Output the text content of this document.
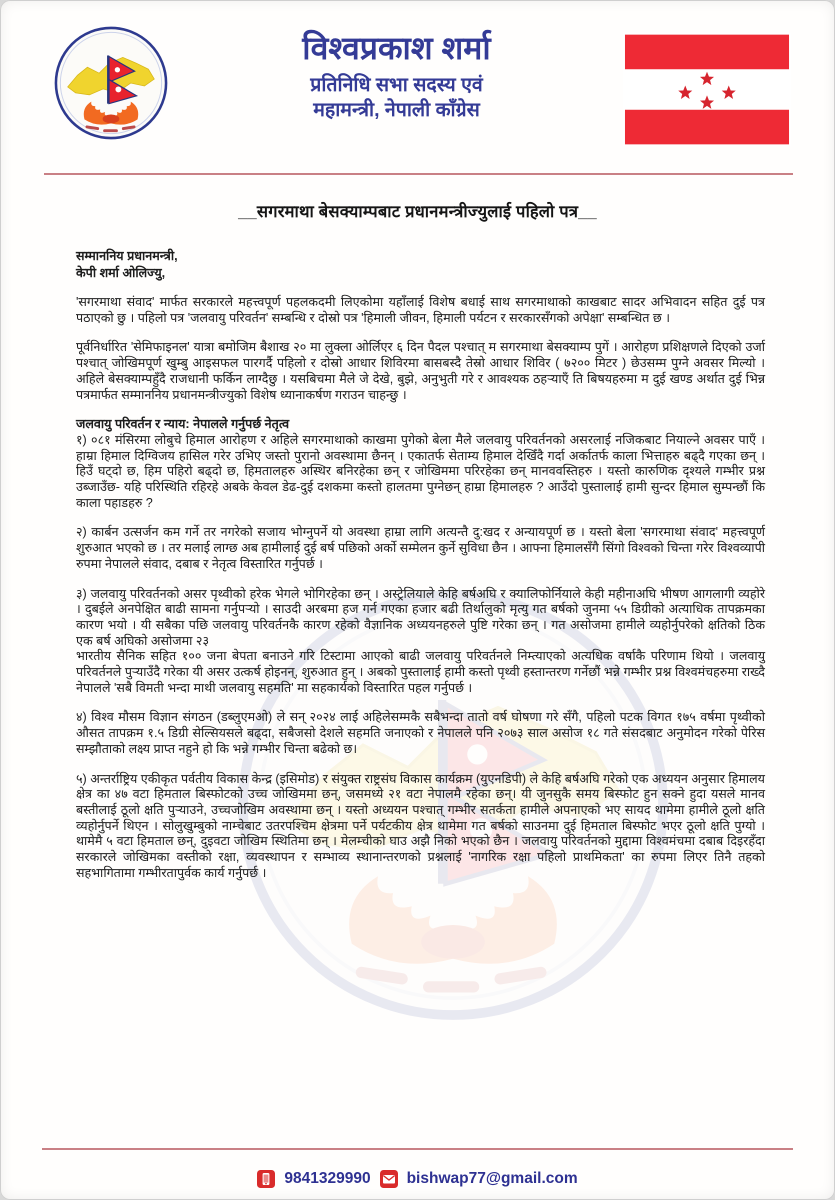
विश्वप्रकाश शर्मा
प्रतिनिधि सभा सदस्य एवं
महामन्त्री, नेपाली काँग्रेस
__सगरमाथा बेसक्याम्पबाट प्रधानमन्त्रीज्युलाई पहिलो पत्र__
सम्माननिय प्रधानमन्त्री,
केपी शर्मा ओलिज्यु,
'सगरमाथा संवाद' मार्फत सरकारले महत्त्वपूर्ण पहलकदमी लिएकोमा यहाँलाई विशेष बधाई साथ सगरमाथाको काखबाट सादर अभिवादन सहित दुई पत्र पठाएको छु । पहिलो पत्र 'जलवायु परिवर्तन' सम्बन्धि र दोस्रो पत्र 'हिमाली जीवन, हिमाली पर्यटन र सरकारसँगको अपेक्षा' सम्बन्धित छ ।
पूर्वनिर्धारित 'सेमिफाइनल' यात्रा बमोजिम बैशाख २० मा लुक्ला ओर्लिएर ६ दिन पैदल पश्चात् म सगरमाथा बेसक्याम्प पुगें । आरोहण प्रशिक्षणले दिएको उर्जा पश्चात् जोखिमपूर्ण खुम्बु आइसफल पारगर्दै पहिलो र दोस्रो आधार शिविरमा बासबस्दै तेस्रो आधार शिविर ( ७२०० मिटर ) छेउसम्म पुग्ने अवसर मिल्यो । अहिले बेसक्याम्पहुँदै राजधानी फर्किन लाग्दैछु । यसबिचमा मैले जे देखे, बुझे, अनुभुती गरे र आवश्यक ठहऱ्याएँ ति बिषयहरुमा म दुई खण्ड अर्थात दुई भिन्न पत्रमार्फत सम्माननिय प्रधानमन्त्रीज्युको विशेष ध्यानाकर्षण गराउन चाहन्छु ।
जलवायु परिवर्तन र न्याय: नेपालले गर्नुपर्छ नेतृत्व
१) ०८१ मंसिरमा लोबुचे हिमाल आरोहण र अहिले सगरमाथाको काखमा पुगेको बेला मैले जलवायु परिवर्तनको असरलाई नजिकबाट नियाल्ने अवसर पाएँ । हाम्रा हिमाल दिग्विजय हासिल गरेर उभिए जस्तो पुरानो अवस्थामा छैनन् । एकातर्फ सेताम्य हिमाल देखिँदै गर्दा अर्कातर्फ काला भित्ताहरु बढ्दै गएका छन् । हिउँ घट्दो छ, हिम पहिरो बढ्दो छ, हिमतालहरु अस्थिर बनिरहेका छन् र जोखिममा परिरहेका छन् मानववस्तिहरु । यस्तो कारुणिक दृश्यले गम्भीर प्रश्न उब्जाउँछ- यहि परिस्थिति रहिरहे अबके केवल डेढ-दुई दशकमा कस्तो हालतमा पुग्नेछन् हाम्रा हिमालहरु ? आउँदो पुस्तालाई हामी सुन्दर हिमाल सुम्पन्छौं कि काला पहाडहरु ?
२) कार्बन उत्सर्जन कम गर्ने तर नगरेको सजाय भोग्नुपर्ने यो अवस्था हाम्रा लागि अत्यन्तै दु:खद र अन्यायपूर्ण छ । यस्तो बेला 'सगरमाथा संवाद' महत्त्वपूर्ण शुरुआत भएको छ । तर मलाई लाग्छ अब हामीलाई दुई बर्ष पछिको अर्को सम्मेलन कुर्ने सुविधा छैन । आफ्ना हिमालसँगै सिंगो विश्वको चिन्ता गरेर विश्वव्यापी रुपमा नेपालले संवाद, दबाब र नेतृत्व विस्तारित गर्नुपर्छ ।
३) जलवायु परिवर्तनको असर पृथ्वीको हरेक भेगले भोगिरहेका छन् । अस्ट्रेलियाले केहि बर्षअघि र क्यालिफोर्नियाले केही महीनाअघि भीषण आगलागी व्यहोरे । दुबईले अनपेक्षित बाढी सामना गर्नुपऱ्यो । साउदी अरबमा हज गर्न गएका हजार बढी तिर्थालुको मृत्यु गत बर्षको जुनमा ५५ डिग्रीको अत्याधिक तापक्रमका कारण भयो । यी सबैका पछि जलवायु परिवर्तनकै कारण रहेको वैज्ञानिक अध्ययनहरुले पुष्टि गरेका छन् । गत असोजमा हामीले व्यहोर्नुपरेको क्षतिको ठिक एक बर्ष अघिको असोजमा २३
भारतीय सैनिक सहित १०० जना बेपता बनाउने गरि टिस्टामा आएको बाढी जलवायु परिवर्तनले निम्त्याएको अत्यधिक वर्षाकै परिणाम थियो । जलवायु परिवर्तनले पुऱ्याउँदै गरेका यी असर उत्कर्ष होइनन्, शुरुआत हुन् । अबको पुस्तालाई हामी कस्तो पृथ्वी हस्तान्तरण गर्नेछौं भन्ने गम्भीर प्रश्न विश्वमंचहरुमा राख्दै नेपालले 'सबै विमती भन्दा माथी जलवायु सहमति' मा सहकार्यको विस्तारित पहल गर्नुपर्छ ।
४) विश्व मौसम विज्ञान संगठन (डब्लुएमओ) ले सन् २०२४ लाई अहिलेसम्मकै सबैभन्दा तातो वर्ष घोषणा गरे सँगै, पहिलो पटक विगत १७५ वर्षमा पृथ्वीको औसत तापक्रम १.५ डिग्री सेल्सियसले बढ्दा, सबैजसो देशले सहमति जनाएको र नेपालले पनि २०७३ साल असोज १८ गते संसदबाट अनुमोदन गरेको पेरिस सम्झौताको लक्ष्य प्राप्त नहुने हो कि भन्ने गम्भीर चिन्ता बढेको छ।
५) अन्तर्राष्ट्रिय एकीकृत पर्वतीय विकास केन्द्र (इसिमोड) र संयुक्त राष्ट्रसंघ विकास कार्यक्रम (युएनडिपी) ले केहि बर्षअघि गरेको एक अध्ययन अनुसार हिमालय क्षेत्र का ४७ वटा हिमताल बिस्फोटको उच्च जोखिममा छन्, जसमध्ये २१ वटा नेपालमै रहेका छन्। यी जुनसुकै समय बिस्फोट हुन सक्ने हुदा यसले मानव बस्तीलाई ठूलो क्षति पुऱ्याउने, उच्चजोखिम अवस्थामा छन् । यस्तो अध्ययन पश्चात् गम्भीर सतर्कता हामीले अपनाएको भए सायद थामेमा हामीले ठूलो क्षति व्यहोर्नुपर्ने थिएन । सोलुखुम्बुको नाम्चेबाट उतरपश्चिम क्षेत्रमा पर्ने पर्यटकीय क्षेत्र थामेमा गत बर्षको साउनमा दुई हिमताल बिस्फोट भएर ठूलो क्षति पुग्यो । थामेमै ५ वटा हिमताल छन्, दुइवटा जोखिम स्थितिमा छन् । मेलम्चीको घाउ अझै निको भएको छैन । जलवायु परिवर्तनको मुद्दामा विश्वमंचमा दबाब दिइरहँदा सरकारले जोखिमका वस्तीको रक्षा, व्यवस्थापन र सम्भाव्य स्थानान्तरणको प्रश्नलाई 'नागरिक रक्षा पहिलो प्राथमिकता' का रुपमा लिएर तिनै तहको सहभागितामा गम्भीरतापुर्वक कार्य गर्नुपर्छ ।
9841329990 bishwap77@gmail.com
